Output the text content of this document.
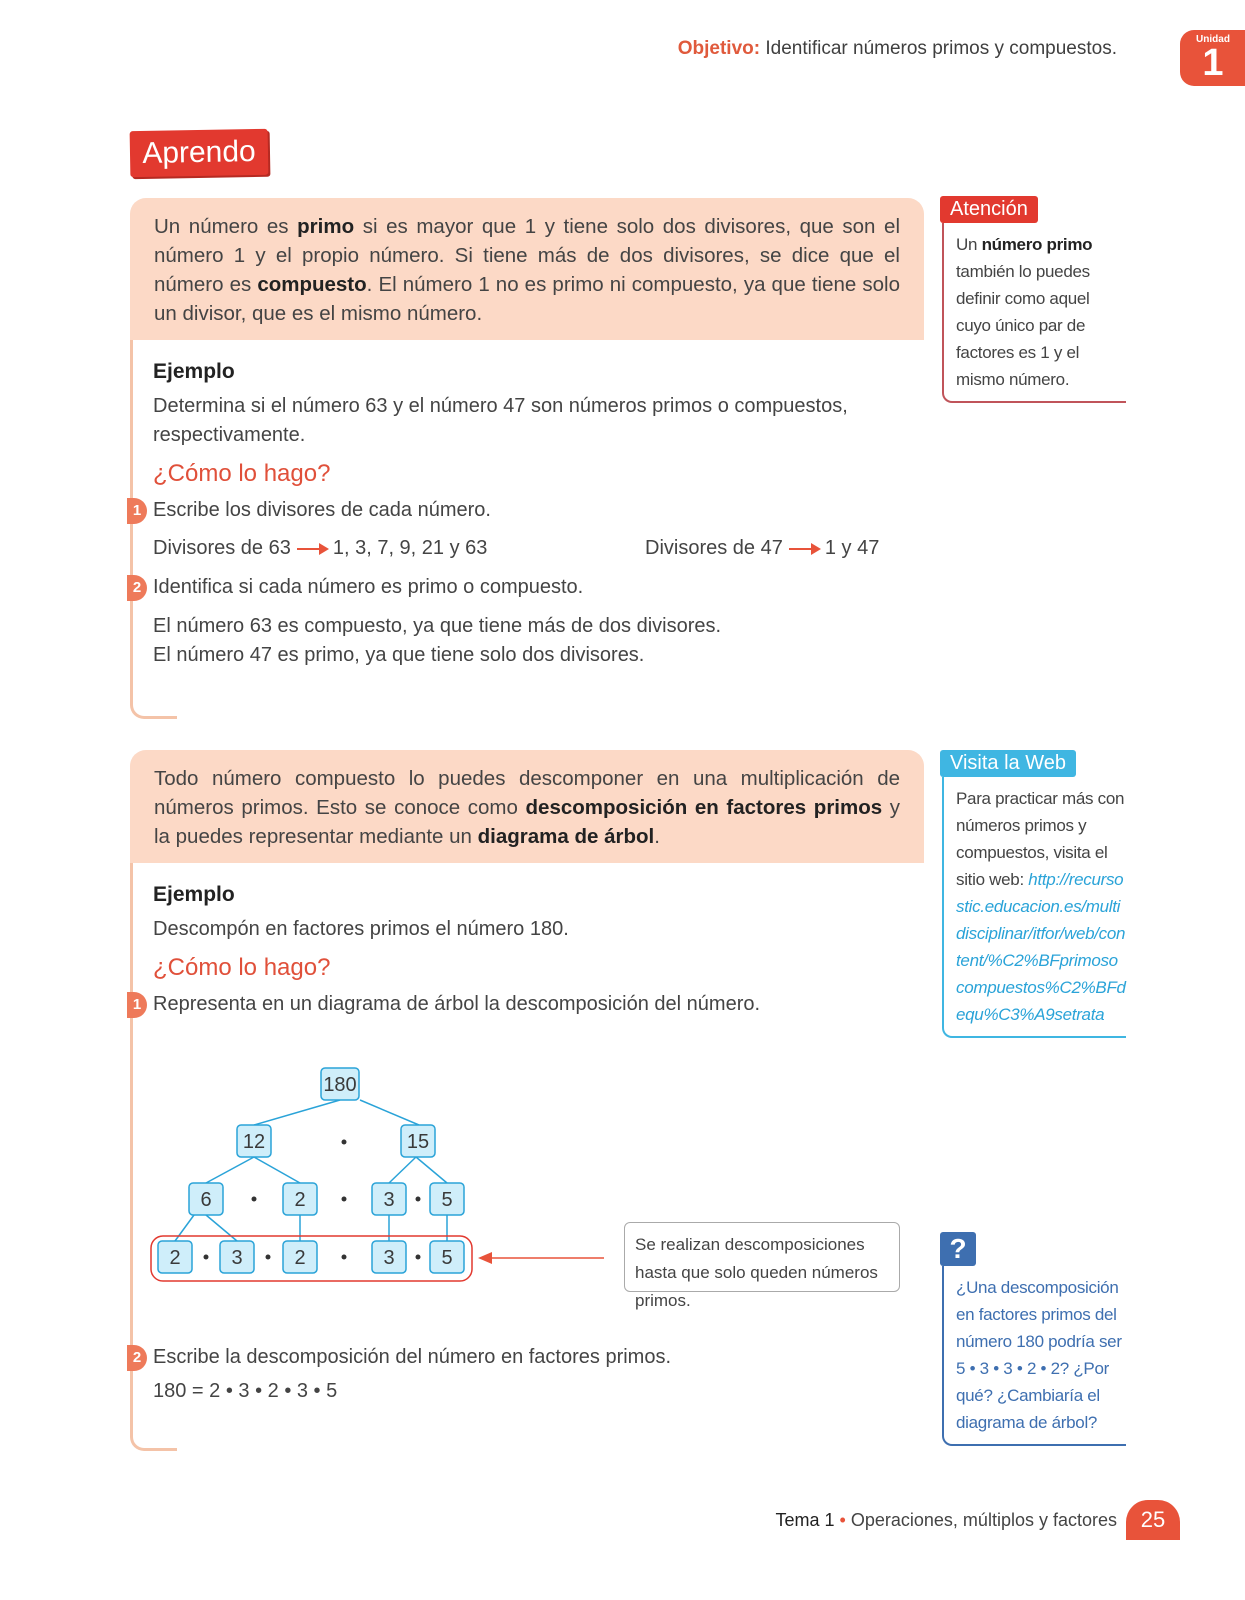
Objetivo: Identificar números primos y compuestos.	Unidad
1
Aprendo
Un número es primo si es mayor que 1 y tiene solo dos divisores, que son el número 1 y el propio número. Si tiene más de dos divisores, se dice que el número es compuesto. El número 1 no es primo ni compuesto, ya que tiene solo un divisor, que es el mismo número.
Ejemplo
Determina si el número 63 y el número 47 son números primos o compuestos, respectivamente.
¿Cómo lo hago?
1 Escribe los divisores de cada número.
Divisores de 63 1, 3, 7, 9, 21 y 63	Divisores de 47 1 y 47
2 Identifica si cada número es primo o compuesto.
El número 63 es compuesto, ya que tiene más de dos divisores.
El número 47 es primo, ya que tiene solo dos divisores.
Atención
Un número primo también lo puedes definir como aquel cuyo único par de factores es 1 y el mismo número.
Todo número compuesto lo puedes descomponer en una multiplicación de números primos. Esto se conoce como descomposición en factores primos y la puedes representar mediante un diagrama de árbol.
Ejemplo
Descompón en factores primos el número 180.
¿Cómo lo hago?
1 Representa en un diagrama de árbol la descomposición del número.
2 Escribe la descomposición del número en factores primos.
180 = 2 • 3 • 2 • 3 • 5
180
12	15
6	2	3 5
2	3	2	3 5
Se realizan descomposiciones hasta que solo queden números primos.
Visita la Web
Para practicar más con números primos y compuestos, visita el sitio web: http://recursostic.educacion.es/multidisciplinar/itfor/web/content/%C2%BFprimosocompuestos%C2%BFdequ%C3%A9setrata
?
¿Una descomposición en factores primos del número 180 podría ser 5 • 3 • 3 • 2 • 2? ¿Por qué? ¿Cambiaría el diagrama de árbol?
Tema 1 • Operaciones, múltiplos y factores	25
